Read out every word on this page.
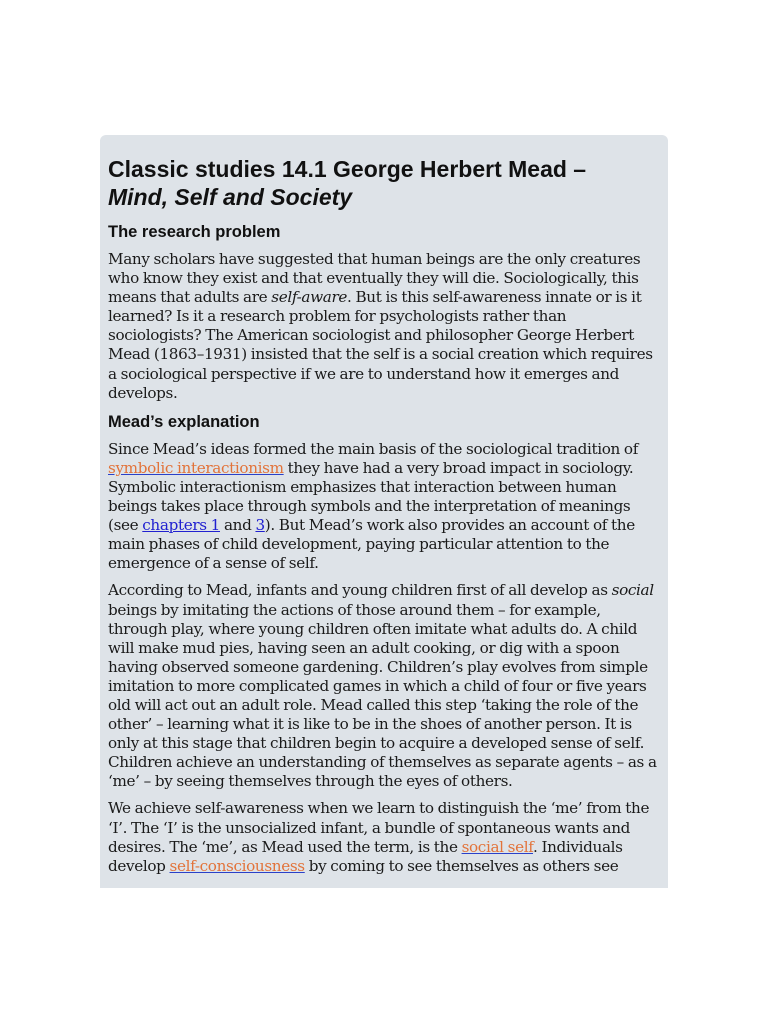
Classic studies 14.1 George Herbert Mead –
Mind, Self and Society
The research problem

Many scholars have suggested that human beings are the only creatures who know they exist and that eventually they will die. Sociologically, this means that adults are self-aware. But is this self-awareness innate or is it learned? Is it a research problem for psychologists rather than sociologists? The American sociologist and philosopher George Herbert Mead (1863–1931) insisted that the self is a social creation which requires a sociological perspective if we are to understand how it emerges and develops.

Mead’s explanation

Since Mead’s ideas formed the main basis of the sociological tradition of symbolic interactionism they have had a very broad impact in sociology. Symbolic interactionism emphasizes that interaction between human beings takes place through symbols and the interpretation of meanings (see chapters 1 and 3). But Mead’s work also provides an account of the main phases of child development, paying particular attention to the emergence of a sense of self.

According to Mead, infants and young children first of all develop as social beings by imitating the actions of those around them – for example, through play, where young children often imitate what adults do. A child will make mud pies, having seen an adult cooking, or dig with a spoon having observed someone gardening. Children’s play evolves from simple imitation to more complicated games in which a child of four or five years old will act out an adult role. Mead called this step ‘taking the role of the other’ – learning what it is like to be in the shoes of another person. It is only at this stage that children begin to acquire a developed sense of self. Children achieve an understanding of themselves as separate agents – as a ‘me’ – by seeing themselves through the eyes of others.

We achieve self-awareness when we learn to distinguish the ‘me’ from the ‘I’. The ‘I’ is the unsocialized infant, a bundle of spontaneous wants and desires. The ‘me’, as Mead used the term, is the social self. Individuals develop self-consciousness by coming to see themselves as others see
